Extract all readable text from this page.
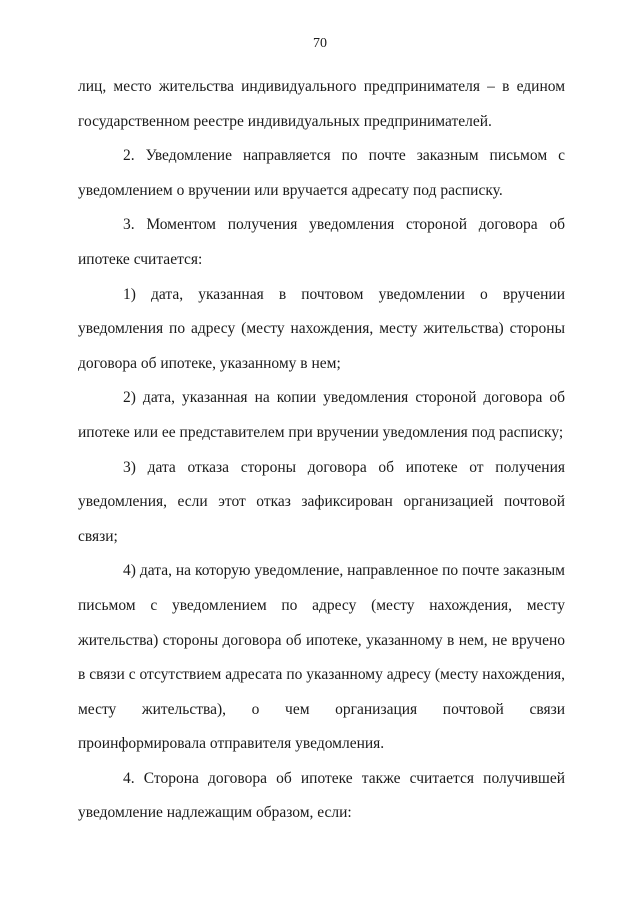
70

лиц, место жительства индивидуального предпринимателя – в едином государственном реестре индивидуальных предпринимателей.

2. Уведомление направляется по почте заказным письмом с уведомлением о вручении или вручается адресату под расписку.

3. Моментом получения уведомления стороной договора об ипотеке считается:

1) дата, указанная в почтовом уведомлении о вручении уведомления по адресу (месту нахождения, месту жительства) стороны договора об ипотеке, указанному в нем;

2) дата, указанная на копии уведомления стороной договора об ипотеке или ее представителем при вручении уведомления под расписку;

3) дата отказа стороны договора об ипотеке от получения уведомления, если этот отказ зафиксирован организацией почтовой связи;

4) дата, на которую уведомление, направленное по почте заказным письмом с уведомлением по адресу (месту нахождения, месту жительства) стороны договора об ипотеке, указанному в нем, не вручено в связи с отсутствием адресата по указанному адресу (месту нахождения, месту жительства), о чем организация почтовой связи проинформировала отправителя уведомления.

4. Сторона договора об ипотеке также считается получившей уведомление надлежащим образом, если:
